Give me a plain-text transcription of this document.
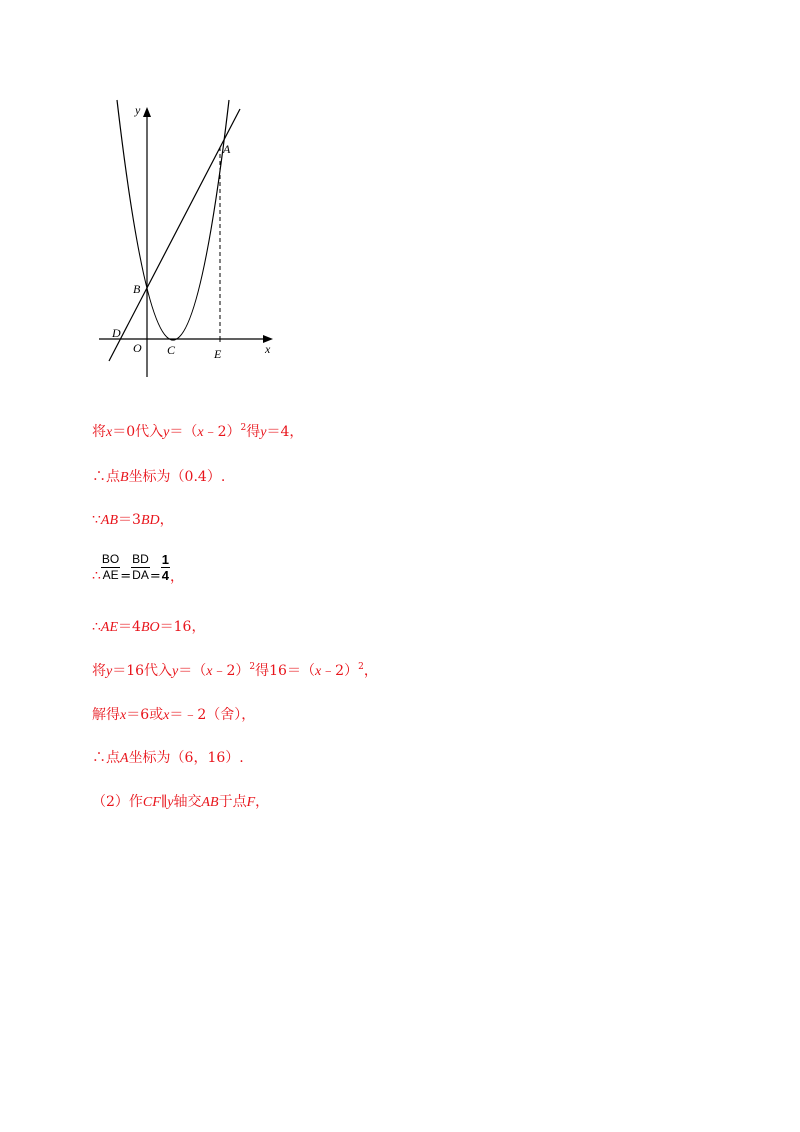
y
x
A
B
C
D
E
O
将x＝0代入y＝（x﹣2）$^2$得y＝4，
∴点B坐标为（0.4）.
∵AB＝3BD，
∴ $\frac{BO}{AE} = \frac{BD}{DA} = \frac{1}{4}$ ，
∴AE＝4BO＝16，
将y＝16代入y＝（x﹣2）$^2$得16＝（x﹣2）$^2$，
解得x＝6或x＝﹣2（舍），
∴点A坐标为（6，16）.
（2）作CF∥y轴交AB于点F，
